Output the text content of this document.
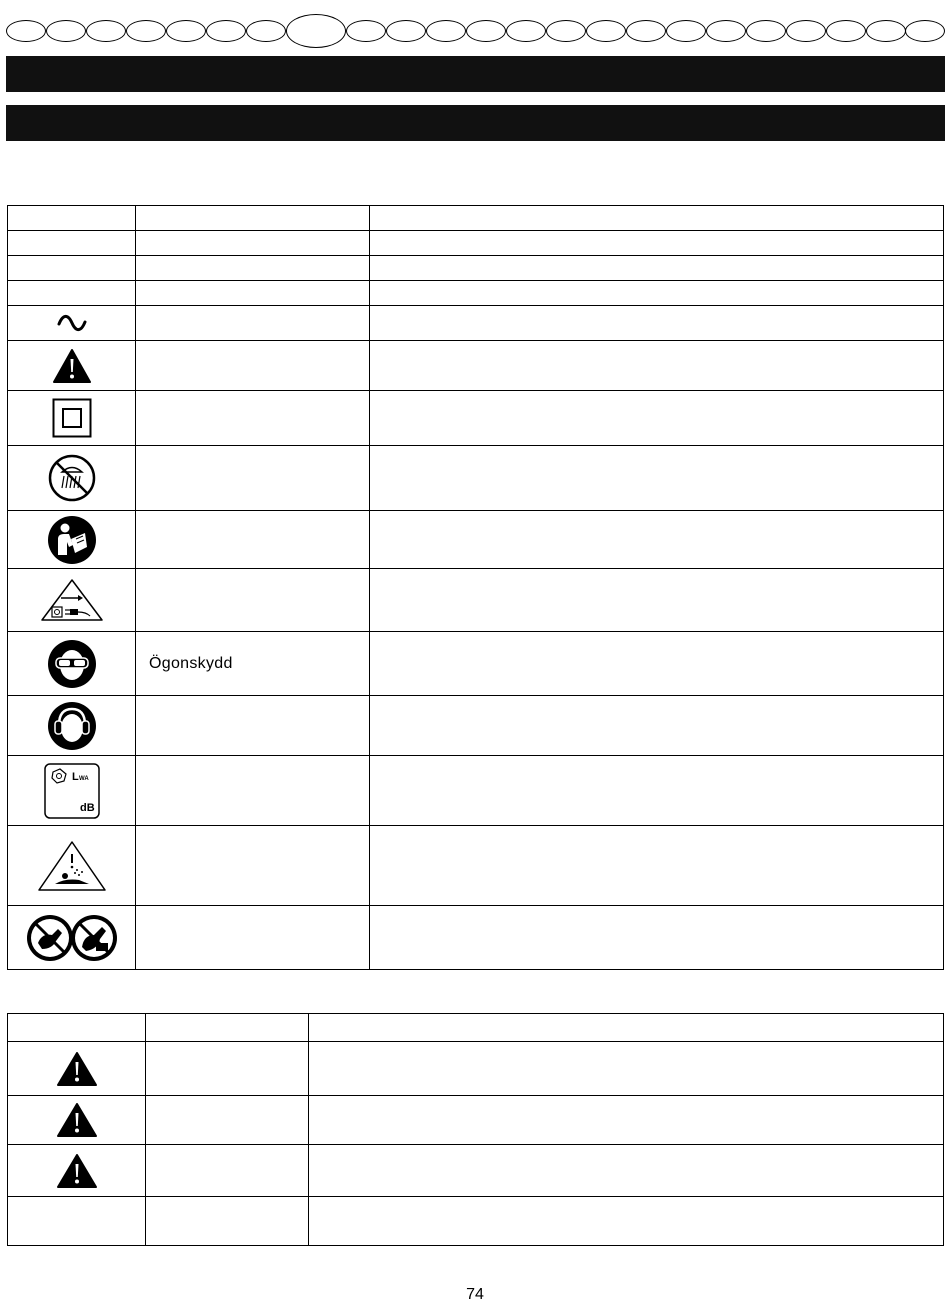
	Ögonskydd	

L WA
dB		

74
